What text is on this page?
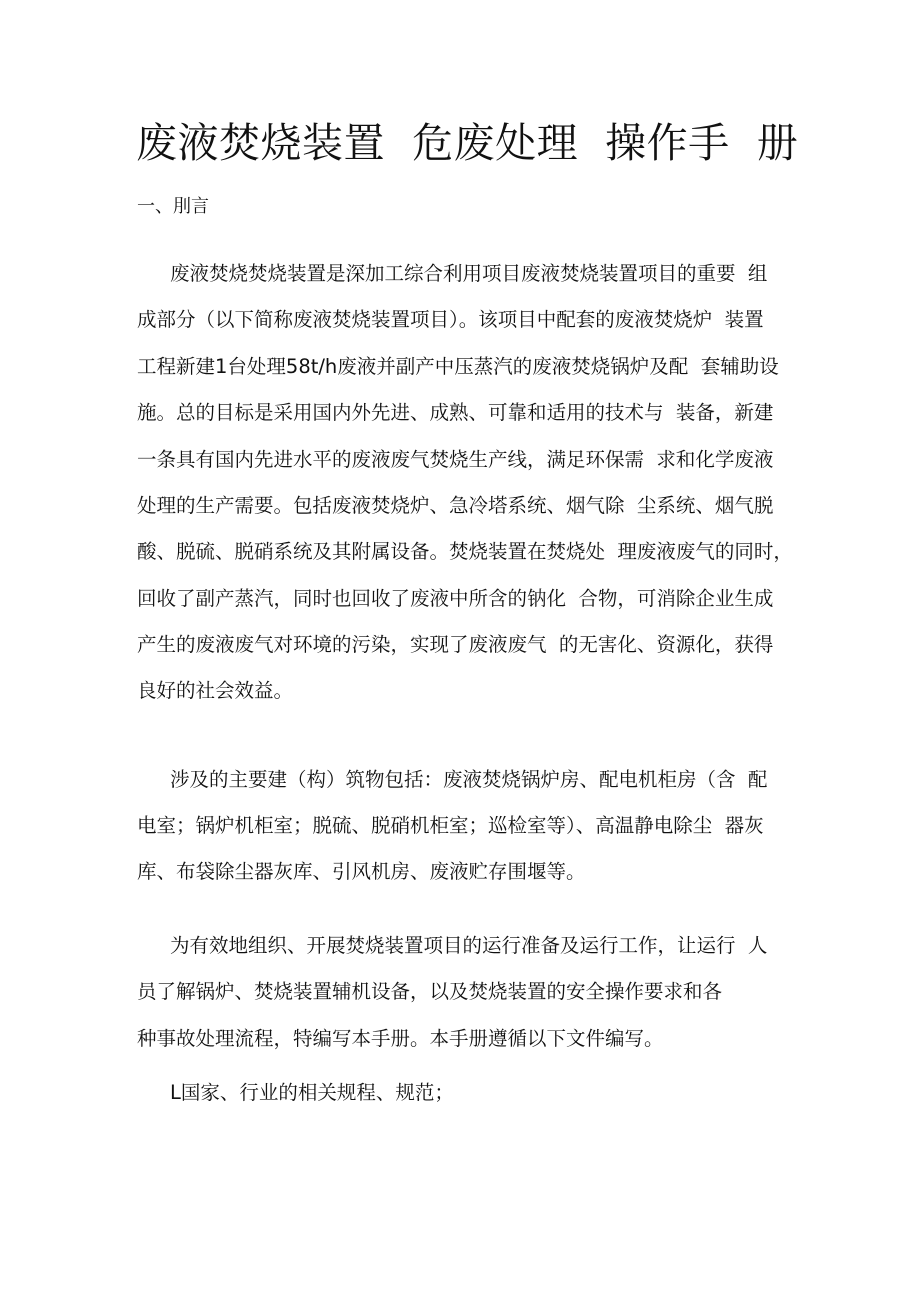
废液焚烧装置  危废处理  操作手  册
一、刖言
废液焚烧焚烧装置是深加工综合利用项目废液焚烧装置项目的重要  组
成部分（以下简称废液焚烧装置项目）。该项目中配套的废液焚烧炉  装置
工程新建1台处理58t/h废液并副产中压蒸汽的废液焚烧锅炉及配  套辅助设
施。总的目标是采用国内外先进、成熟、可靠和适用的技术与  装备，新建
一条具有国内先进水平的废液废气焚烧生产线，满足环保需  求和化学废液
处理的生产需要。包括废液焚烧炉、急冷塔系统、烟气除  尘系统、烟气脱
酸、脱硫、脱硝系统及其附属设备。焚烧装置在焚烧处  理废液废气的同时，
回收了副产蒸汽，同时也回收了废液中所含的钠化  合物，可消除企业生成
产生的废液废气对环境的污染，实现了废液废气  的无害化、资源化，获得
良好的社会效益。
涉及的主要建（构）筑物包括：废液焚烧锅炉房、配电机柜房（含  配
电室；锅炉机柜室；脱硫、脱硝机柜室；巡检室等）、高温静电除尘  器灰
库、布袋除尘器灰库、引风机房、废液贮存围堰等。
为有效地组织、开展焚烧装置项目的运行准备及运行工作，让运行  人
员了解锅炉、焚烧装置辅机设备，以及焚烧装置的安全操作要求和各
种事故处理流程，特编写本手册。本手册遵循以下文件编写。
L国家、行业的相关规程、规范；
